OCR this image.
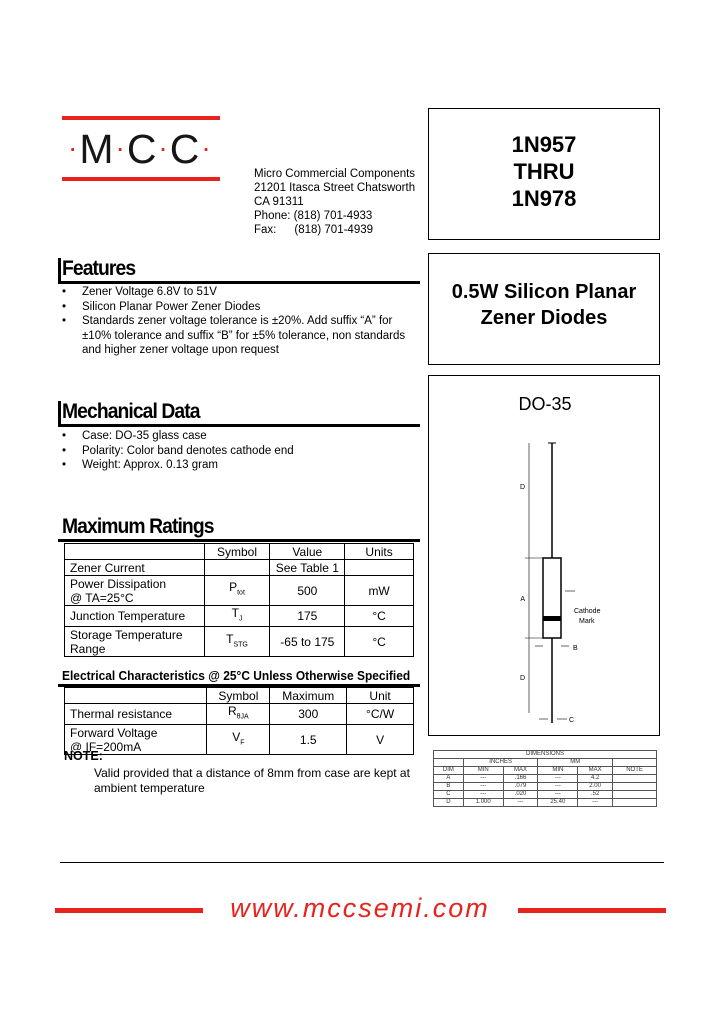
·M·C·C·
Micro Commercial Components
21201 Itasca Street Chatsworth
CA 91311
Phone: (818) 701-4933
Fax: (818) 701-4939
1N957
THRU
1N978
0.5W Silicon Planar
Zener Diodes
Features
• Zener Voltage 6.8V to 51V
• Silicon Planar Power Zener Diodes
• Standards zener voltage tolerance is ±20%. Add suffix “A” for ±10% tolerance and suffix “B” for ±5% tolerance, non standards and higher zener voltage upon request
Mechanical Data
• Case: DO-35 glass case
• Polarity: Color band denotes cathode end
• Weight: Approx. 0.13 gram
Maximum Ratings
	Symbol	Value	Units
Zener Current		See Table 1	

Power Dissipation
@ TA=25°C	$P_{tot}$	500	mW
Junction Temperature	$T_J$	175	°C

Storage Temperature
Range	$T_{STG}$	-65 to 175	°C
Electrical Characteristics @ 25°C Unless Otherwise Specified
	Symbol	Maximum	Unit
Thermal resistance	$R_{\theta JA}$	300	°C/W

Forward Voltage
@ IF=200mA	$V_F$	1.5	V
NOTE:
Valid provided that a distance of 8mm from case are kept at ambient temperature
DO-35
D
A
B
D
C
Cathode
Mark
DIMENSIONS					
	INCHES		MM		
DIM	MIN	MAX	MIN	MAX	NOTE
A	---	.166	---	4.2	
B	---	.079	---	2.00	
C	---	.020	---	.52	
D	1.000	---	25.40	---	
www.mccsemi.com
